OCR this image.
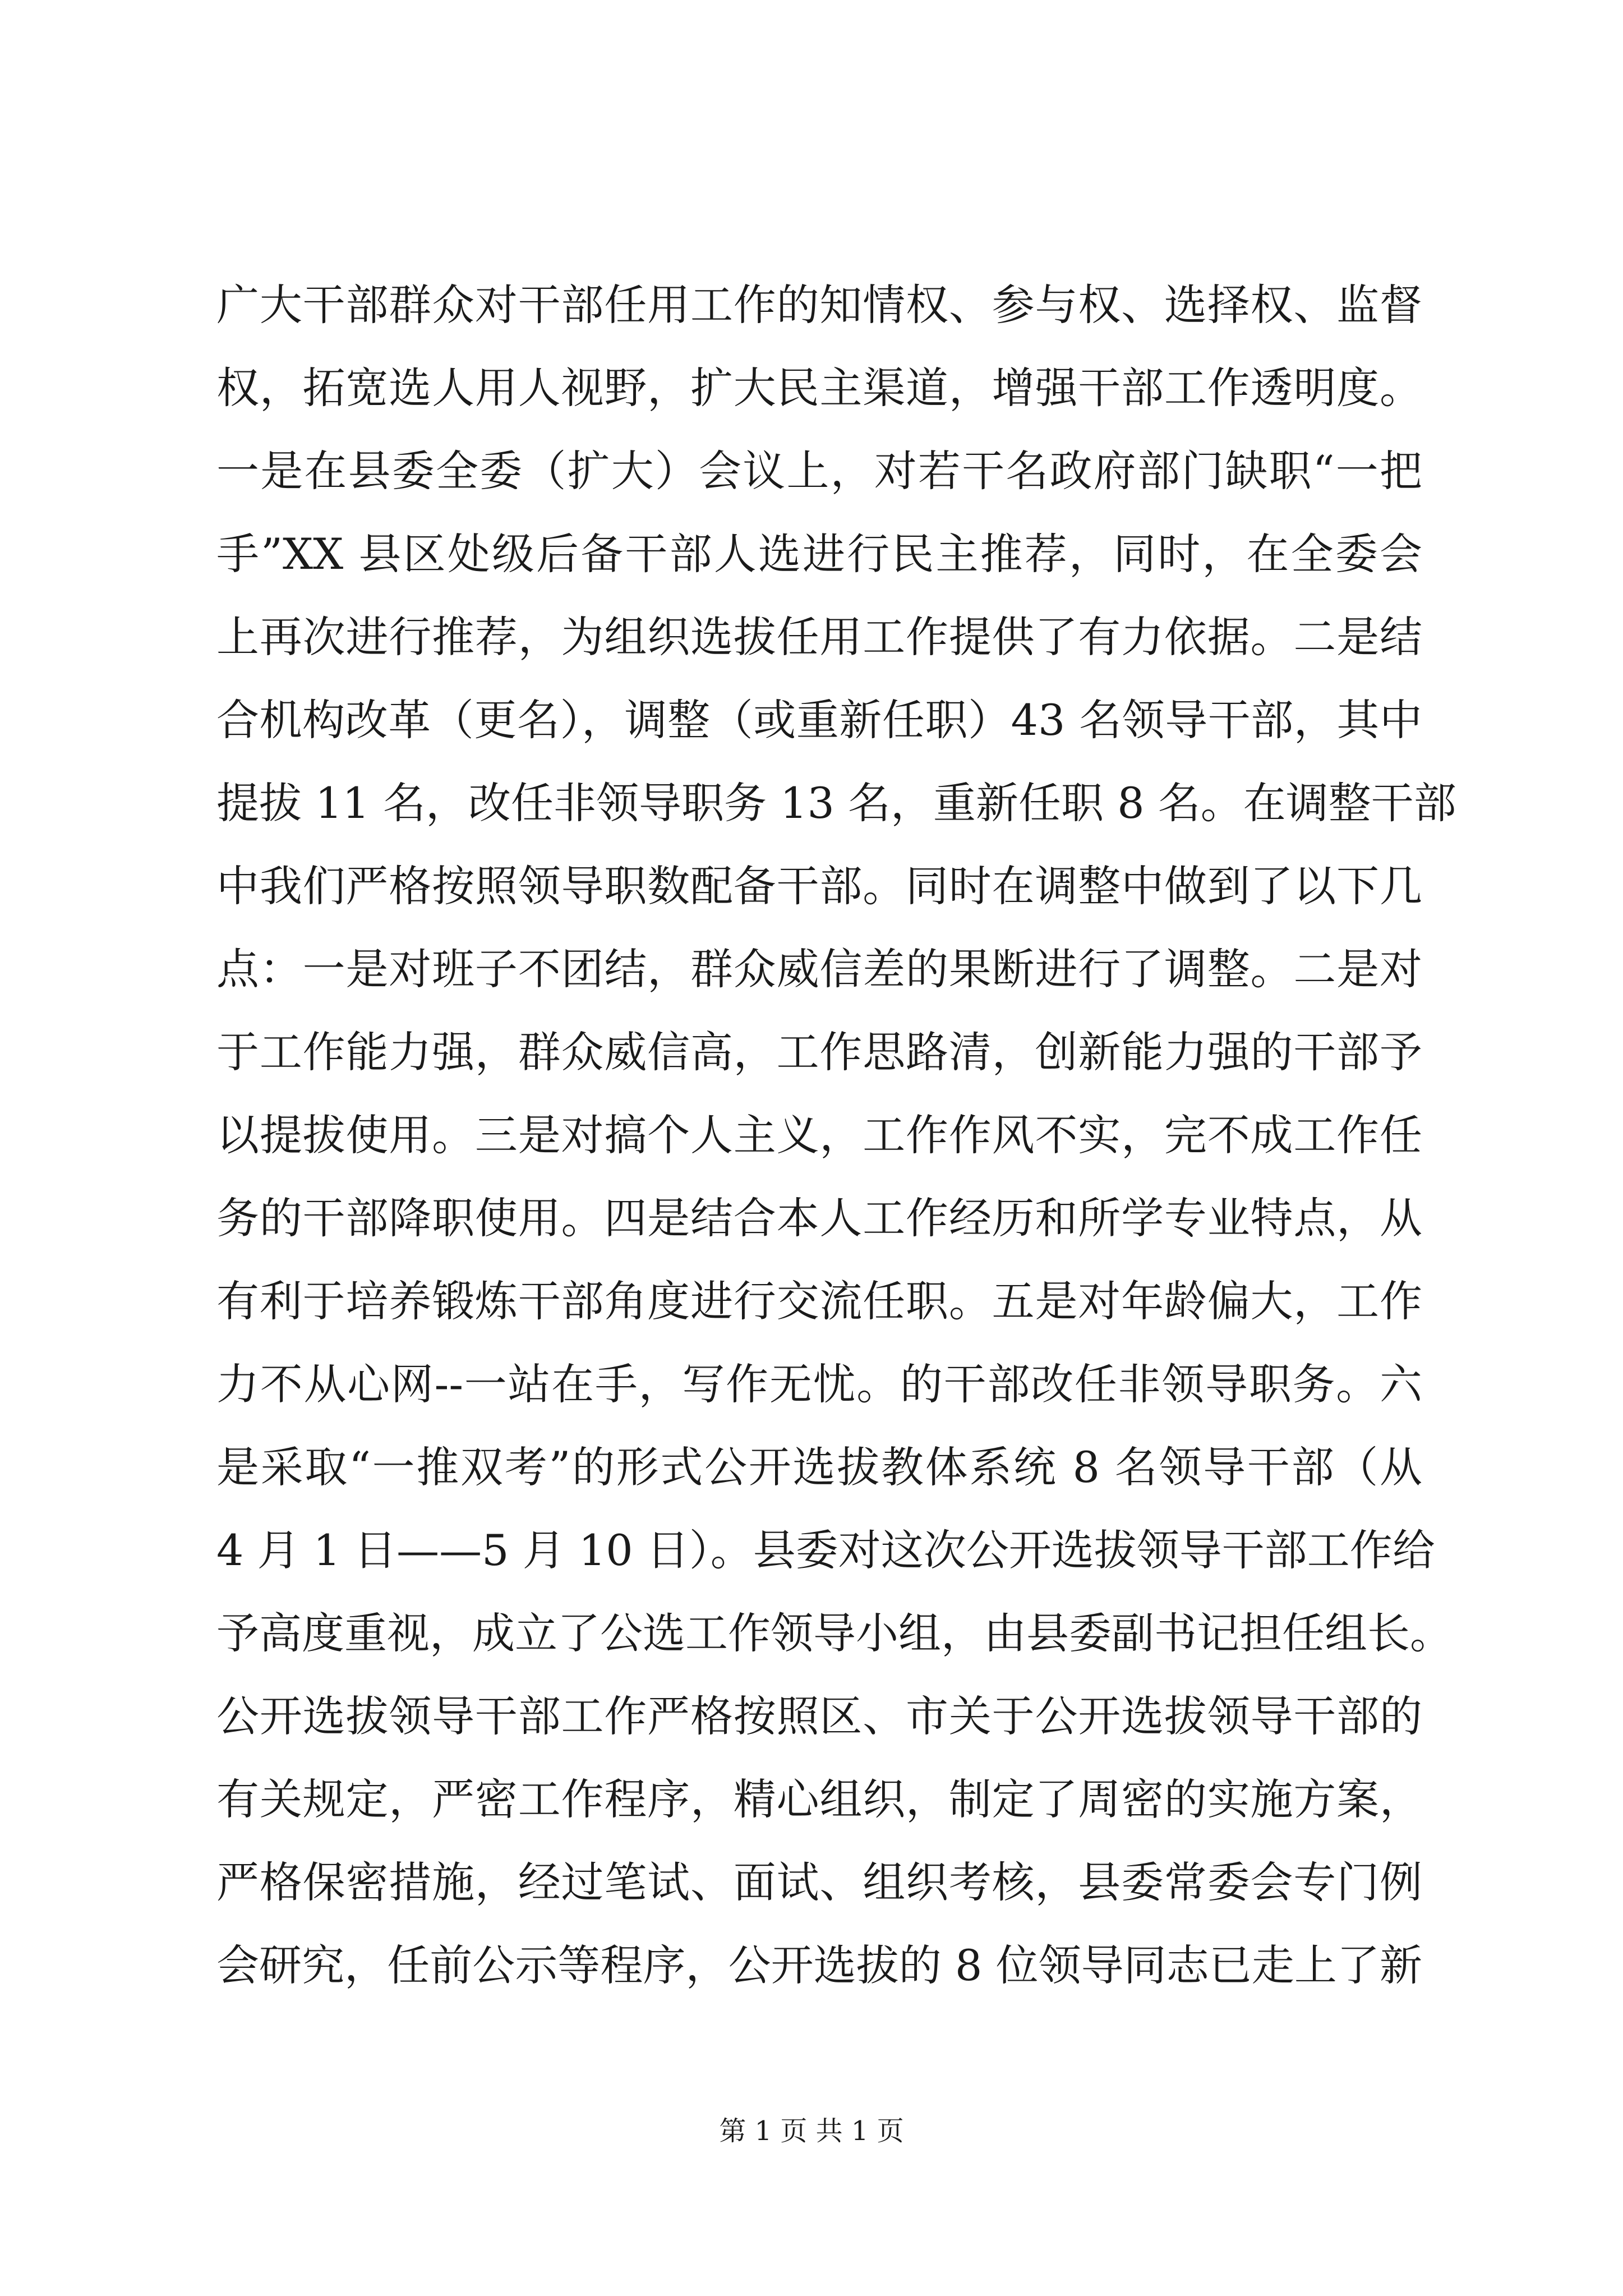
广大干部群众对干部任用工作的知情权、参与权、选择权、监督
权，拓宽选人用人视野，扩大民主渠道，增强干部工作透明度。
一是在县委全委（扩大）会议上，对若干名政府部门缺职“一把
手”XX 县区处级后备干部人选进行民主推荐，同时，在全委会
上再次进行推荐，为组织选拔任用工作提供了有力依据。二是结
合机构改革（更名），调整（或重新任职）43 名领导干部，其中
提拔 11 名，改任非领导职务 13 名，重新任职 8 名。在调整干部
中我们严格按照领导职数配备干部。同时在调整中做到了以下几
点：一是对班子不团结，群众威信差的果断进行了调整。二是对
于工作能力强，群众威信高，工作思路清，创新能力强的干部予
以提拔使用。三是对搞个人主义，工作作风不实，完不成工作任
务的干部降职使用。四是结合本人工作经历和所学专业特点，从
有利于培养锻炼干部角度进行交流任职。五是对年龄偏大，工作
力不从心网--一站在手，写作无忧。的干部改任非领导职务。六
是采取“一推双考”的形式公开选拔教体系统 8 名领导干部（从
4 月 1 日——5 月 10 日）。县委对这次公开选拔领导干部工作给
予高度重视，成立了公选工作领导小组，由县委副书记担任组长。
公开选拔领导干部工作严格按照区、市关于公开选拔领导干部的
有关规定，严密工作程序，精心组织，制定了周密的实施方案，
严格保密措施，经过笔试、面试、组织考核，县委常委会专门例
会研究，任前公示等程序，公开选拔的 8 位领导同志已走上了新
第 1 页 共 1 页
